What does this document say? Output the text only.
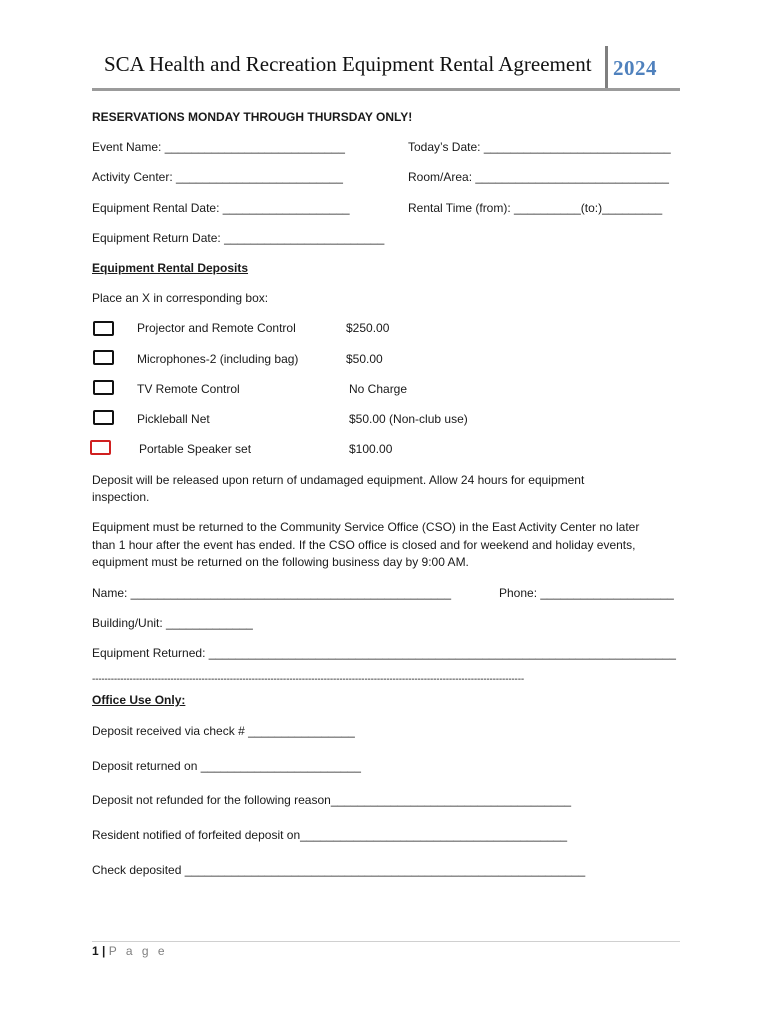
SCA Health and Recreation Equipment Rental Agreement 2024
RESERVATIONS MONDAY THROUGH THURSDAY ONLY!
Event Name: ___________________________	Today’s Date: ____________________________
Activity Center: _________________________	Room/Area: _____________________________
Equipment Rental Date: ___________________	Rental Time (from): __________(to:)_________
Equipment Return Date: ________________________
Equipment Rental Deposits
Place an X in corresponding box:
Projector and Remote Control	$250.00
Microphones-2 (including bag)	$50.00
TV Remote Control	No Charge
Pickleball Net	$50.00 (Non-club use)
Portable Speaker set	$100.00
Deposit will be released upon return of undamaged equipment. Allow 24 hours for equipment
inspection.
Equipment must be returned to the Community Service Office (CSO) in the East Activity Center no later
than 1 hour after the event has ended. If the CSO office is closed and for weekend and holiday events,
equipment must be returned on the following business day by 9:00 AM.
Name: ________________________________________________	Phone: ____________________
Building/Unit: _____________
Equipment Returned: ______________________________________________________________________
------------------------------------------------------------------------------------------------------------------------------------------
Office Use Only:
Deposit received via check # ________________
Deposit returned on ________________________
Deposit not refunded for the following reason____________________________________
Resident notified of forfeited deposit on________________________________________
Check deposited ____________________________________________________________
1 | P a g e
